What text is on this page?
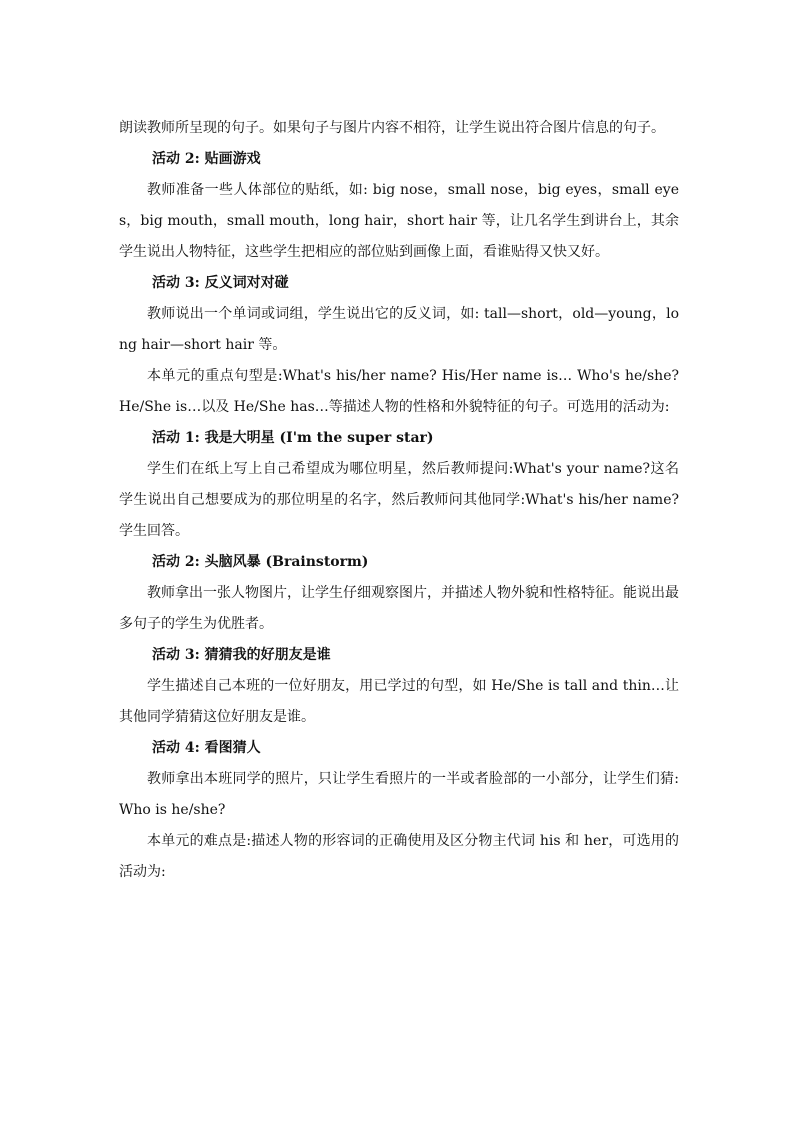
朗读教师所呈现的句子。如果句子与图片内容不相符，让学生说出符合图片信息的句子。

活动 2: 贴画游戏

教师准备一些人体部位的贴纸，如: big nose，small nose，big eyes，small eyes，big mouth，small mouth，long hair，short hair 等，让几名学生到讲台上，其余学生说出人物特征，这些学生把相应的部位贴到画像上面，看谁贴得又快又好。

活动 3: 反义词对对碰

教师说出一个单词或词组，学生说出它的反义词，如: tall—short，old—young，long hair—short hair 等。

本单元的重点句型是:What's his/her name? His/Her name is… Who's he/she? He/She is…以及 He/She has…等描述人物的性格和外貌特征的句子。可选用的活动为:

活动 1: 我是大明星 (I'm the super star)

学生们在纸上写上自己希望成为哪位明星，然后教师提问:What's your name?这名学生说出自己想要成为的那位明星的名字，然后教师问其他同学:What's his/her name?学生回答。

活动 2: 头脑风暴 (Brainstorm)

教师拿出一张人物图片，让学生仔细观察图片，并描述人物外貌和性格特征。能说出最多句子的学生为优胜者。

活动 3: 猜猜我的好朋友是谁

学生描述自己本班的一位好朋友，用已学过的句型，如 He/She is tall and thin…让其他同学猜猜这位好朋友是谁。

活动 4: 看图猜人

教师拿出本班同学的照片，只让学生看照片的一半或者脸部的一小部分，让学生们猜:Who is he/she?

本单元的难点是:描述人物的形容词的正确使用及区分物主代词 his 和 her，可选用的活动为:
